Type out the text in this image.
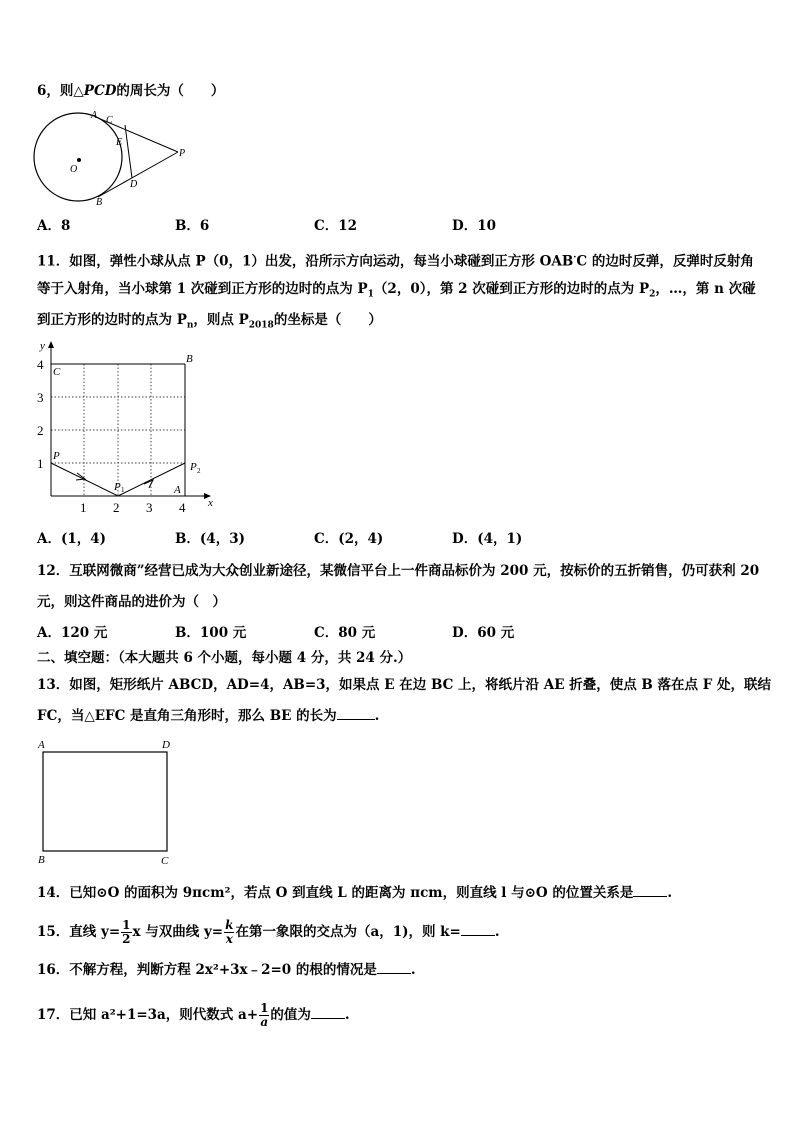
6，则△PCD的周长为（　　）
A C
E
O
P
D
B
A．8	B．6	C．12	D．10
11．如图，弹性小球从点 P（0，1）出发，沿所示方向运动，每当小球碰到正方形 OAB·C 的边时反弹，反弹时反射角
等于入射角，当小球第 1 次碰到正方形的边时的点为 $P_1(2$，0），第 2 次碰到正方形的边时的点为 $P_2$，…，第 n 次碰
到正方形的边时的点为 $P_n$，则点 $P_{2018}$的坐标是（　　）
y
x
4
3
2
1
1 2 3 4
C
B
P
A
P 1
P 2
A．(1，4)	B．(4，3)	C．(2，4)	D．(4，1)
12．互联网微商”经营已成为大众创业新途径，某微信平台上一件商品标价为 200 元，按标价的五折销售，仍可获利 20
元，则这件商品的进价为（　）
A．120 元	B．100 元	C．80 元	D．60 元
二、填空题：（本大题共 6 个小题，每小题 4 分，共 24 分.）
13．如图，矩形纸片 ABCD，AD=4，AB=3，如果点 E 在边 BC 上，将纸片沿 AE 折叠，使点 B 落在点 F 处，联结
FC，当△EFC 是直角三角形时，那么 BE 的长为	.
A	D
B	C
14．已知⊙O 的面积为 9πcm²，若点 O 到直线 L 的距离为 πcm，则直线 l 与⊙O 的位置关系是	.
15．直线 $y= \frac{1}{2}$ x 与双曲线 $y= \frac{k}{x}$ 在第一象限的交点为（a，1)，则 k=	.
16．不解方程，判断方程 2x²+3x﹣2=0 的根的情况是	.
17．已知 a²+1=3a，则代数式 $a+ \frac{1}{a}$ 的值为	.
